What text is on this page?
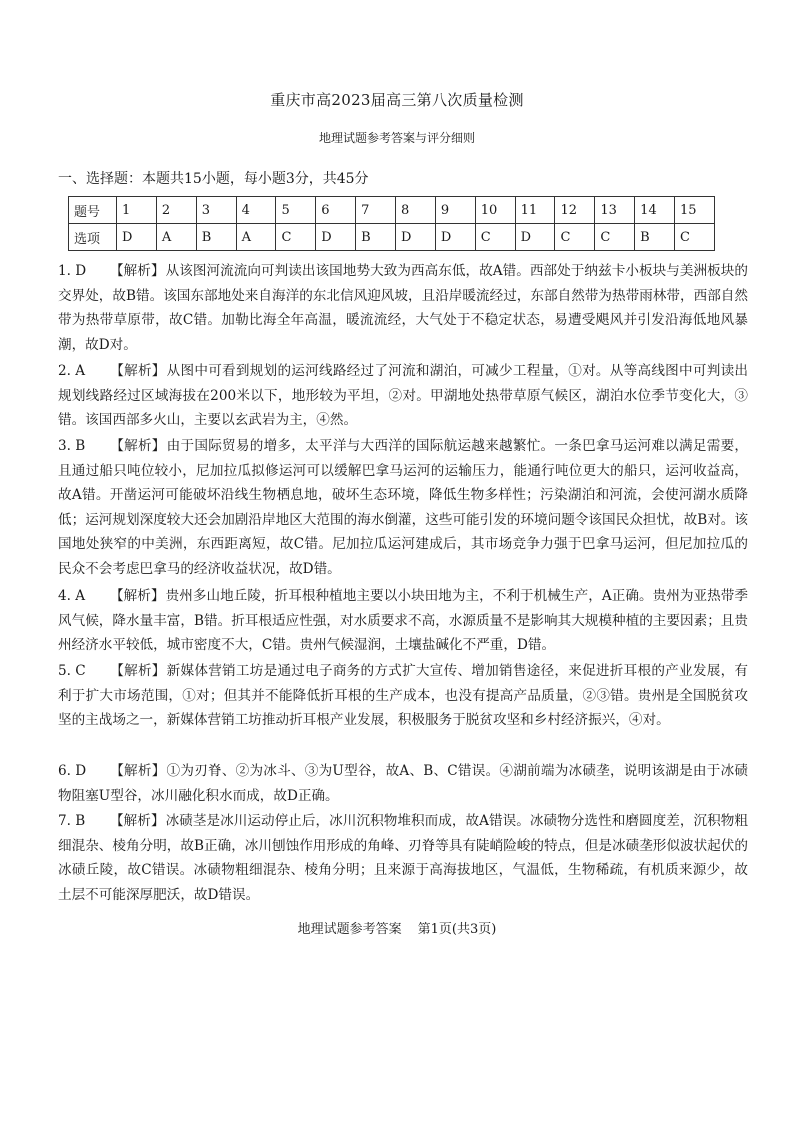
重庆市高2023届高三第八次质量检测
地理试题参考答案与评分细则
一、选择题：本题共15小题，每小题3分，共45分
题号	1	2	3	4	5	6	7	8	9	10	11	12	13	14	15
选项	D	A	B	A	C	D	B	D	D	C	D	C	C	B	C
1. D 【解析】从该图河流流向可判读出该国地势大致为西高东低，故A错。西部处于纳兹卡小板块与美洲板块的交界处，故B错。该国东部地处来自海洋的东北信风迎风坡，且沿岸暖流经过，东部自然带为热带雨林带，西部自然带为热带草原带，故C错。加勒比海全年高温，暖流流经，大气处于不稳定状态，易遭受飓风并引发沿海低地风暴潮，故D对。
2. A 【解析】从图中可看到规划的运河线路经过了河流和湖泊，可减少工程量，①对。从等高线图中可判读出规划线路经过区域海拔在200米以下，地形较为平坦，②对。甲湖地处热带草原气候区，湖泊水位季节变化大，③错。该国西部多火山，主要以玄武岩为主，④然。
3. B 【解析】由于国际贸易的增多，太平洋与大西洋的国际航运越来越繁忙。一条巴拿马运河难以满足需要，且通过船只吨位较小，尼加拉瓜拟修运河可以缓解巴拿马运河的运输压力，能通行吨位更大的船只，运河收益高，故A错。开凿运河可能破坏沿线生物栖息地，破坏生态环境，降低生物多样性；污染湖泊和河流，会使河湖水质降低；运河规划深度较大还会加剧沿岸地区大范围的海水倒灌，这些可能引发的环境问题令该国民众担忧，故B对。该国地处狭窄的中美洲，东西距离短，故C错。尼加拉瓜运河建成后，其市场竞争力强于巴拿马运河，但尼加拉瓜的民众不会考虑巴拿马的经济收益状况，故D错。
4. A 【解析】贵州多山地丘陵，折耳根种植地主要以小块田地为主，不利于机械生产，A正确。贵州为亚热带季风气候，降水量丰富，B错。折耳根适应性强，对水质要求不高，水源质量不是影响其大规模种植的主要因素；且贵州经济水平较低，城市密度不大，C错。贵州气候湿润，土壤盐碱化不严重，D错。
5. C 【解析】新媒体营销工坊是通过电子商务的方式扩大宣传、增加销售途径，来促进折耳根的产业发展，有利于扩大市场范围，①对；但其并不能降低折耳根的生产成本，也没有提高产品质量，②③错。贵州是全国脱贫攻坚的主战场之一，新媒体营销工坊推动折耳根产业发展，积极服务于脱贫攻坚和乡村经济振兴，④对。
6. D 【解析】①为刃脊、②为冰斗、③为U型谷，故A、B、C错误。④湖前端为冰碛垄，说明该湖是由于冰碛物阻塞U型谷，冰川融化积水而成，故D正确。
7. B 【解析】冰碛茎是冰川运动停止后，冰川沉积物堆积而成，故A错误。冰碛物分选性和磨圆度差，沉积物粗细混杂、棱角分明，故B正确，冰川刨蚀作用形成的角峰、刃脊等具有陡峭险峻的特点，但是冰碛垄形似波状起伏的冰碛丘陵，故C错误。冰碛物粗细混杂、棱角分明；且来源于高海拔地区，气温低，生物稀疏，有机质来源少，故土层不可能深厚肥沃，故D错误。
地理试题参考答案 第1页(共3页)
